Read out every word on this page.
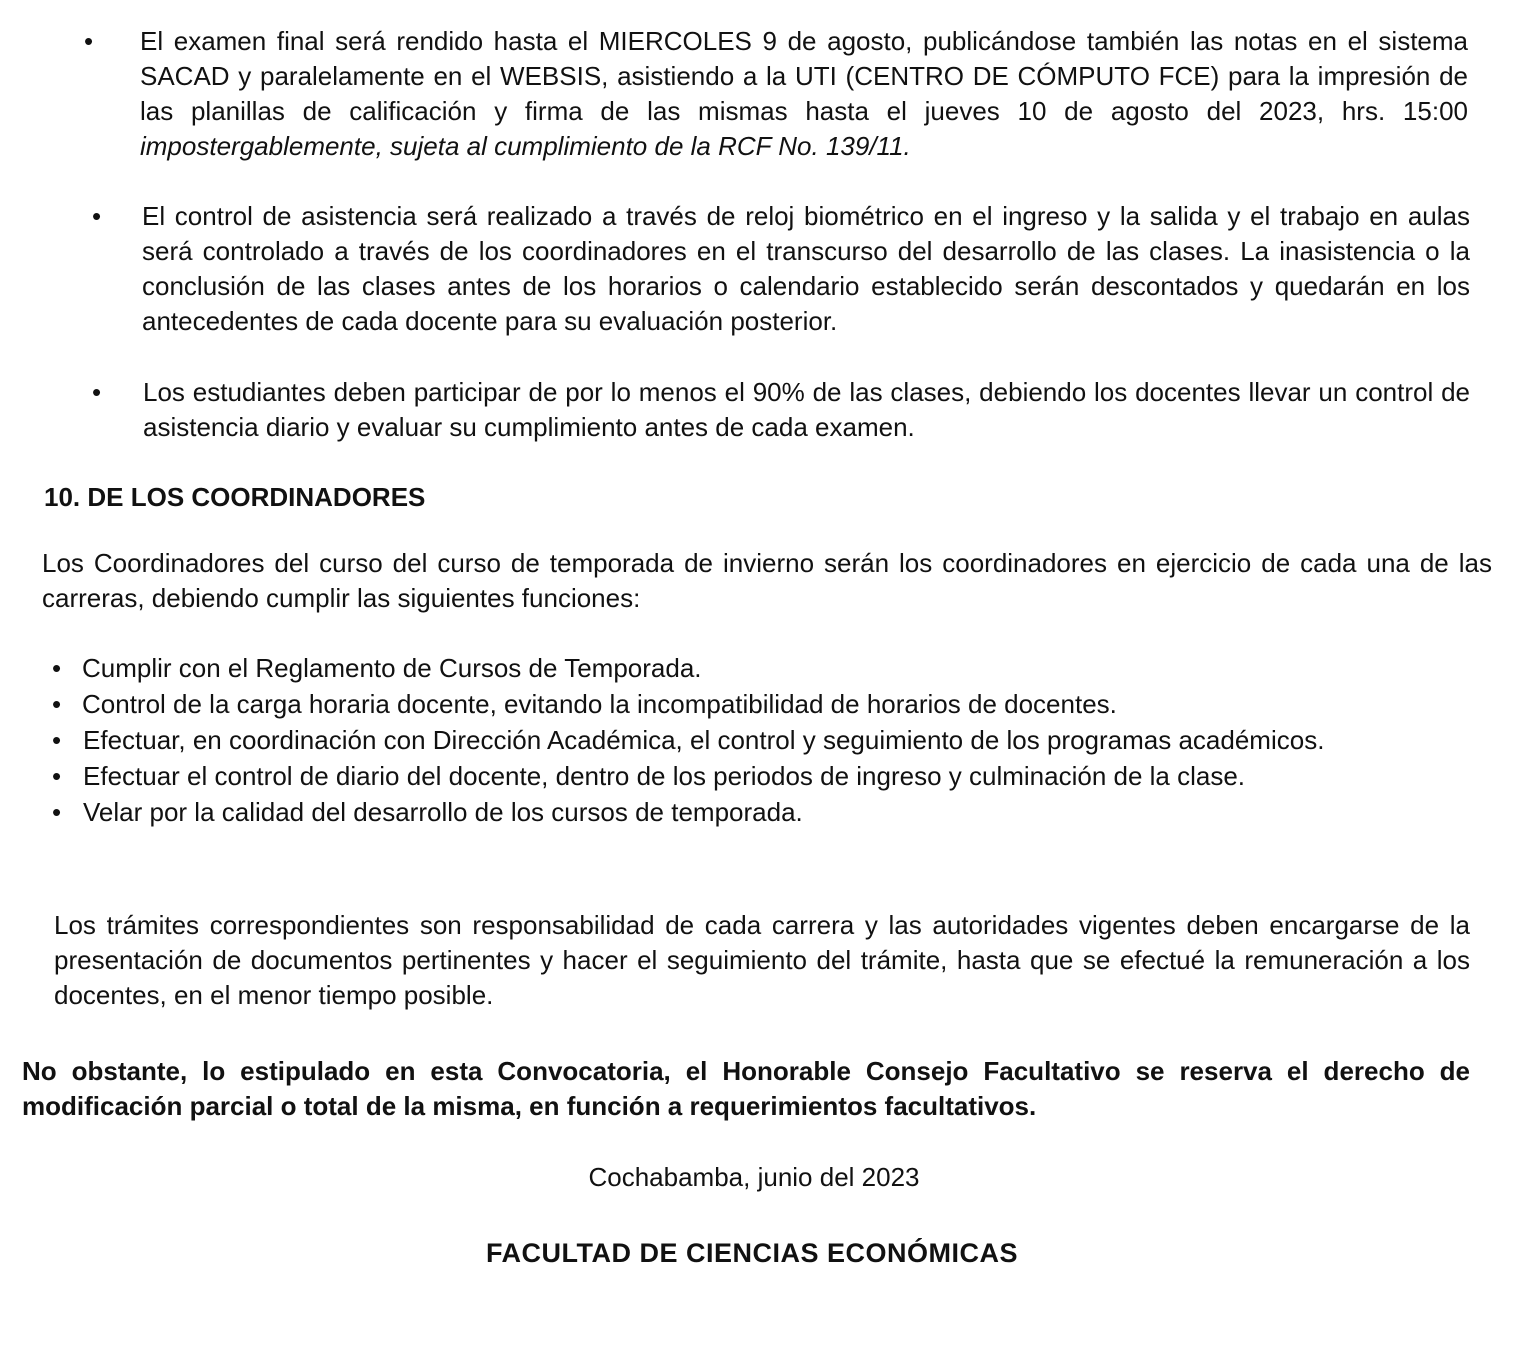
• El examen final será rendido hasta el MIERCOLES 9 de agosto, publicándose también las notas en el sistema SACAD y paralelamente en el WEBSIS, asistiendo a la UTI (CENTRO DE CÓMPUTO FCE) para la impresión de las planillas de calificación y firma de las mismas hasta el jueves 10 de agosto del 2023, hrs. 15:00 impostergablemente, sujeta al cumplimiento de la RCF No. 139/11.
• El control de asistencia será realizado a través de reloj biométrico en el ingreso y la salida y el trabajo en aulas será controlado a través de los coordinadores en el transcurso del desarrollo de las clases. La inasistencia o la conclusión de las clases antes de los horarios o calendario establecido serán descontados y quedarán en los antecedentes de cada docente para su evaluación posterior.
• Los estudiantes deben participar de por lo menos el 90% de las clases, debiendo los docentes llevar un control de asistencia diario y evaluar su cumplimiento antes de cada examen.
10. DE LOS COORDINADORES
Los Coordinadores del curso del curso de temporada de invierno serán los coordinadores en ejercicio de cada una de las carreras, debiendo cumplir las siguientes funciones:
• Cumplir con el Reglamento de Cursos de Temporada.
• Control de la carga horaria docente, evitando la incompatibilidad de horarios de docentes.
• Efectuar, en coordinación con Dirección Académica, el control y seguimiento de los programas académicos.
• Efectuar el control de diario del docente, dentro de los periodos de ingreso y culminación de la clase.
• Velar por la calidad del desarrollo de los cursos de temporada.
Los trámites correspondientes son responsabilidad de cada carrera y las autoridades vigentes deben encargarse de la presentación de documentos pertinentes y hacer el seguimiento del trámite, hasta que se efectué la remuneración a los docentes, en el menor tiempo posible.
No obstante, lo estipulado en esta Convocatoria, el Honorable Consejo Facultativo se reserva el derecho de modificación parcial o total de la misma, en función a requerimientos facultativos.
Cochabamba, junio del 2023
FACULTAD DE CIENCIAS ECONÓMICAS
